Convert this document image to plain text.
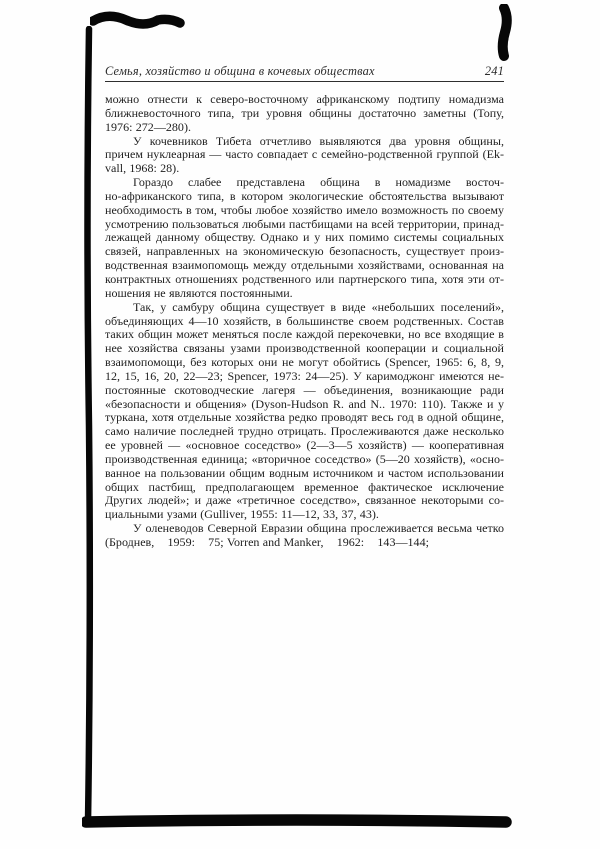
Семья, хозяйство и община в кочевых обществах	241
можно отнести к северо-восточному африканскому подтипу номадизма
ближневосточного типа, три уровня общины достаточно заметны (Топу,
1976: 272—280).
У кочевников Тибета отчетливо выявляются два уровня общины,
причем нуклеарная — часто совпадает с семейно-родственной группой (Ek-
vall, 1968: 28).
Гораздо слабее представлена община в номадизме восточ-
но-африканского типа, в котором экологические обстоятельства вызывают
необходимость в том, чтобы любое хозяйство имело возможность по своему
усмотрению пользоваться любыми пастбищами на всей территории, принад-
лежащей данному обществу. Однако и у них помимо системы социальных
связей, направленных на экономическую безопасность, существует произ-
водственная взаимопомощь между отдельными хозяйствами, основанная на
контрактных отношениях родственного или партнерского типа, хотя эти от-
ношения не являются постоянными.
Так, у самбуру община существует в виде «небольших поселений»,
объединяющих 4—10 хозяйств, в большинстве своем родственных. Состав
таких общин может меняться после каждой перекочевки, но все входящие в
нее хозяйства связаны узами производственной кооперации и социальной
взаимопомощи, без которых они не могут обойтись (Spencer, 1965: 6, 8, 9,
12, 15, 16, 20, 22—23; Spencer, 1973: 24—25). У каримоджонг имеются не-
постоянные скотоводческие лагеря — объединения, возникающие ради
«безопасности и общения» (Dyson-Hudson R. and N.. 1970: 110). Также и у
туркана, хотя отдельные хозяйства редко проводят весь год в одной общине,
само наличие последней трудно отрицать. Прослеживаются даже несколько
ее уровней — «основное соседство» (2—3—5 хозяйств) — кооперативная
производственная единица; «вторичное соседство» (5—20 хозяйств), «осно-
ванное на пользовании общим водным источником и частом использовании
общих пастбищ, предполагающем временное фактическое исключение
Других людей»; и даже «третичное соседство», связанное некоторыми со-
циальными узами (Gulliver, 1955: 11—12, 33, 37, 43).
У оленеводов Северной Евразии община прослеживается весьма четко
(Броднев,    1959:    75; Vorren and Manker,    1962:    143—144;
